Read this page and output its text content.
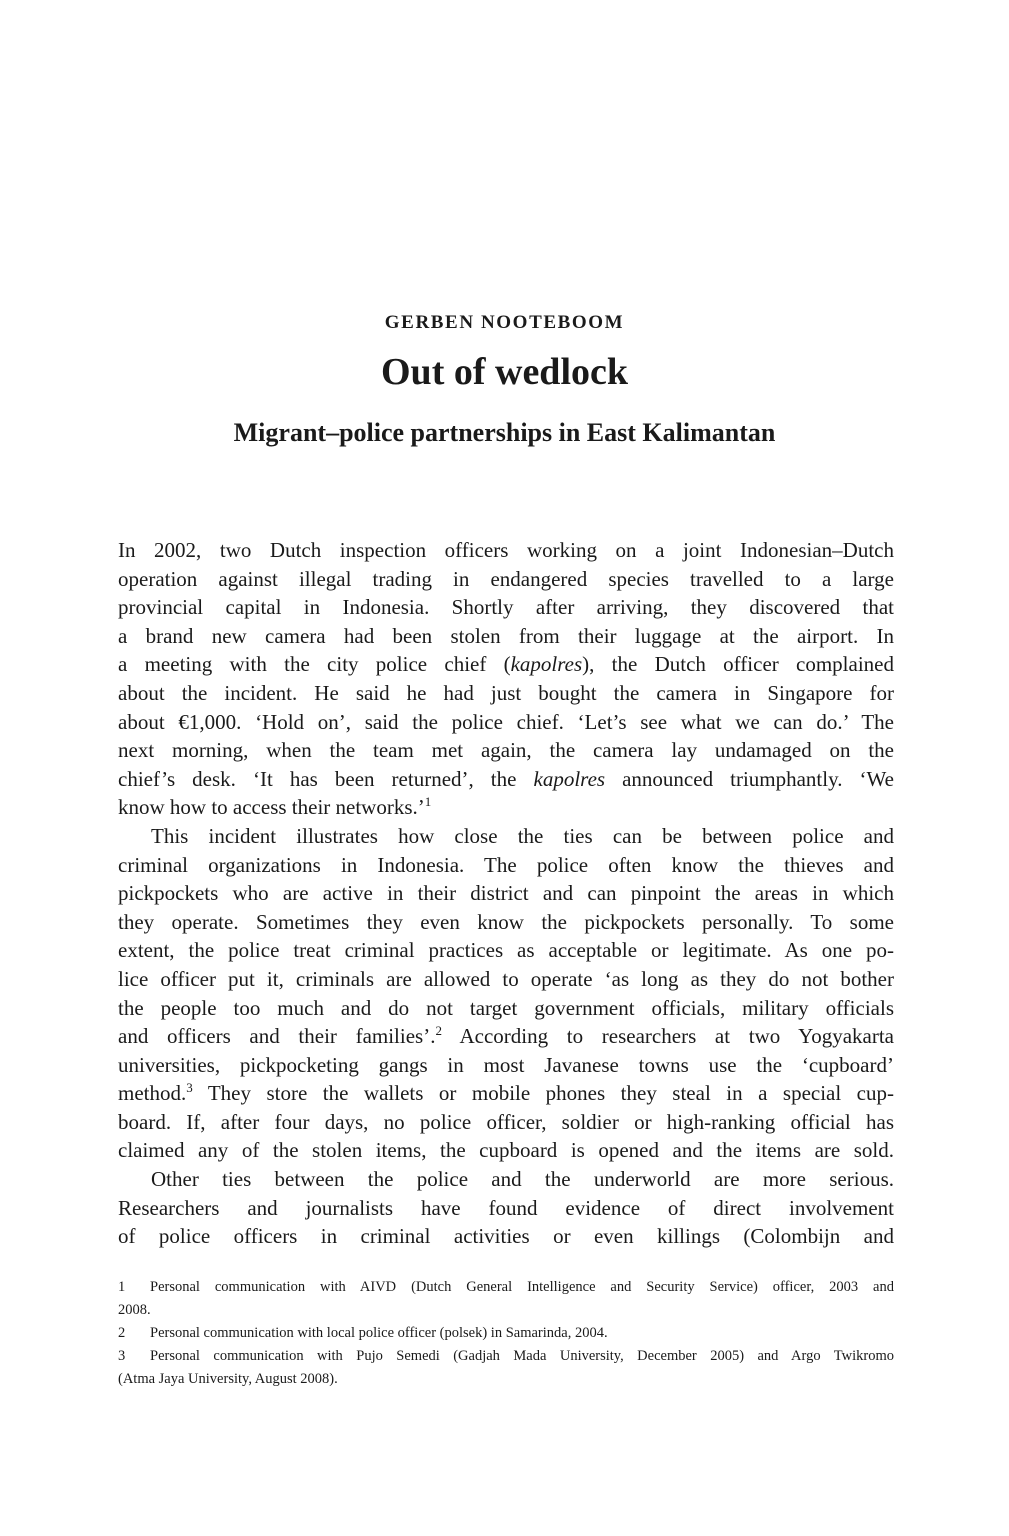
GERBEN NOOTEBOOM
Out of wedlock
Migrant–police partnerships in East Kalimantan

In 2002, two Dutch inspection officers working on a joint Indonesian–Dutch
operation against illegal trading in endangered species travelled to a large
provincial capital in Indonesia. Shortly after arriving, they discovered that
a brand new camera had been stolen from their luggage at the airport. In
a meeting with the city police chief (kapolres), the Dutch officer complained
about the incident. He said he had just bought the camera in Singapore for
about €1,000. ‘Hold on’, said the police chief. ‘Let’s see what we can do.’ The
next morning, when the team met again, the camera lay undamaged on the
chief’s desk. ‘It has been returned’, the kapolres announced triumphantly. ‘We
know how to access their networks.’$^1$

This incident illustrates how close the ties can be between police and
criminal organizations in Indonesia. The police often know the thieves and
pickpockets who are active in their district and can pinpoint the areas in which
they operate. Sometimes they even know the pickpockets personally. To some
extent, the police treat criminal practices as acceptable or legitimate. As one po-
lice officer put it, criminals are allowed to operate ‘as long as they do not bother
the people too much and do not target government officials, military officials
and officers and their families’.$^2$ According to researchers at two Yogyakarta
universities, pickpocketing gangs in most Javanese towns use the ‘cupboard’
method.$^3$ They store the wallets or mobile phones they steal in a special cup-
board. If, after four days, no police officer, soldier or high-ranking official has
claimed any of the stolen items, the cupboard is opened and the items are sold.

Other ties between the police and the underworld are more serious.
Researchers and journalists have found evidence of direct involvement
of police officers in criminal activities or even killings (Colombijn and

1 Personal communication with AIVD (Dutch General Intelligence and Security Service) officer, 2003 and
2008.
2 Personal communication with local police officer (polsek) in Samarinda, 2004.
3 Personal communication with Pujo Semedi (Gadjah Mada University, December 2005) and Argo Twikromo
(Atma Jaya University, August 2008).
